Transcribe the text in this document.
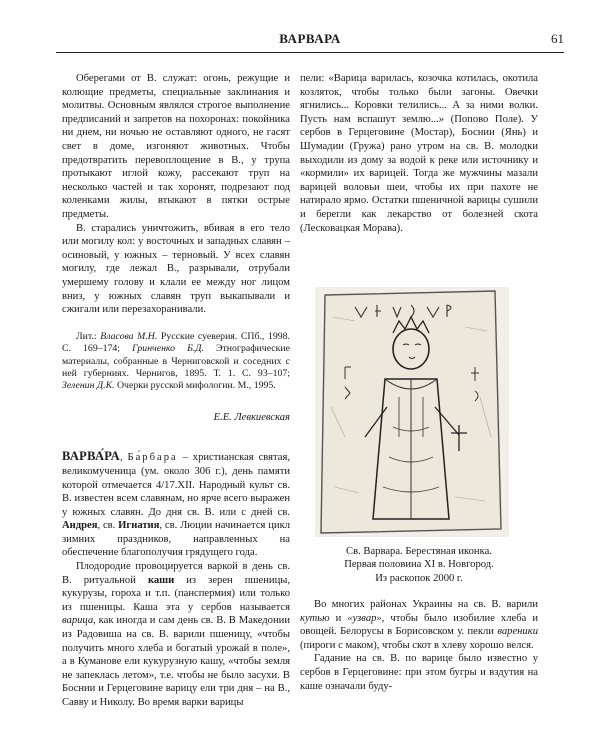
ВАРВАРА	61

Оберегами от В. служат: огонь, режущие и колющие предметы, специальные заклинания и молитвы. Основным являлся строгое выполнение предписаний и запретов на похоронах: покойника ни днем, ни ночью не оставляют одного, не гасят свет в доме, изгоняют животных. Чтобы предотвратить перевоплощение в В., у трупа протыкают иглой кожу, рассекают труп на несколько частей и так хоронят, подрезают под коленками жилы, втыкают в пятки острые предметы.

В. старались уничтожить, вбивая в его тело или могилу кол: у восточных и западных славян – осиновый, у южных – терновый. У всех славян могилу, где лежал В., разрывали, отрубали умершему голову и клали ее между ног лицом вниз, у южных славян труп выкапывали и сжигали или перезахоранивали.

Лит.: Власова М.Н. Русские суеверия. СПб., 1998. С. 169–174; Гринченко Б.Д. Этнографические материалы, собранные в Черниговской и соседних с ней губерниях. Чернигов, 1895. Т. 1. С. 93–107; Зеленин Д.К. Очерки русской мифологии. М., 1995.

Е.Е. Левкиевская

ВАРВА́РА, Ба́рбара – христианская святая, великомученица (ум. около 306 г.), день памяти которой отмечается 4/17.XII. Народный культ св. В. известен всем славянам, но ярче всего выражен у южных славян. До дня св. В. или с дней св. Андрея, св. Игнатия, св. Люции начинается цикл зимних праздников, направленных на обеспечение благополучия грядущего года.

Плодородие провоцируется варкой в день св. В. ритуальной каши из зерен пшеницы, кукурузы, гороха и т.п. (панспермия) или только из пшеницы. Каша эта у сербов называется варица, как иногда и сам день св. В. В Македонии из Радовиша на св. В. варили пшеницу, «чтобы получить много хлеба и богатый урожай в поле», а в Куманове ели кукурузную кашу, «чтобы земля не запеклась летом», т.е. чтобы не было засухи. В Боснии и Герцеговине варицу ели три дня – на В., Савву и Николу. Во время варки варицы

пели: «Варица варилась, козочка котилась, окотила козляток, чтобы только были загоны. Овечки ягнились... Коровки телились... А за ними волки. Пусть нам вспашут землю...» (Попово Поле). У сербов в Герцеговине (Мостар), Боснии (Янь) и Шумадии (Гружа) рано утром на св. В. молодки выходили из дому за водой к реке или источнику и «кормили» их варицей. Тогда же мужчины мазали варицей воловьи шеи, чтобы их при пахоте не натирало ярмо. Остатки пшеничной варицы сушили и берегли как лекарство от болезней скота (Лесковацкая Морава).

Св. Варвара. Берестяная иконка.
Первая половина XI в. Новгород.
Из раскопок 2000 г.

Во многих районах Украины на св. В. варили кутью и «узвар», чтобы было изобилие хлеба и овощей. Белорусы в Борисовском у. пекли вареники (пироги с маком), чтобы скот в хлеву хорошо велся.

Гадание на св. В. по варице было известно у сербов в Герцеговине: при этом бугры и вздутия на каше означали буду-
